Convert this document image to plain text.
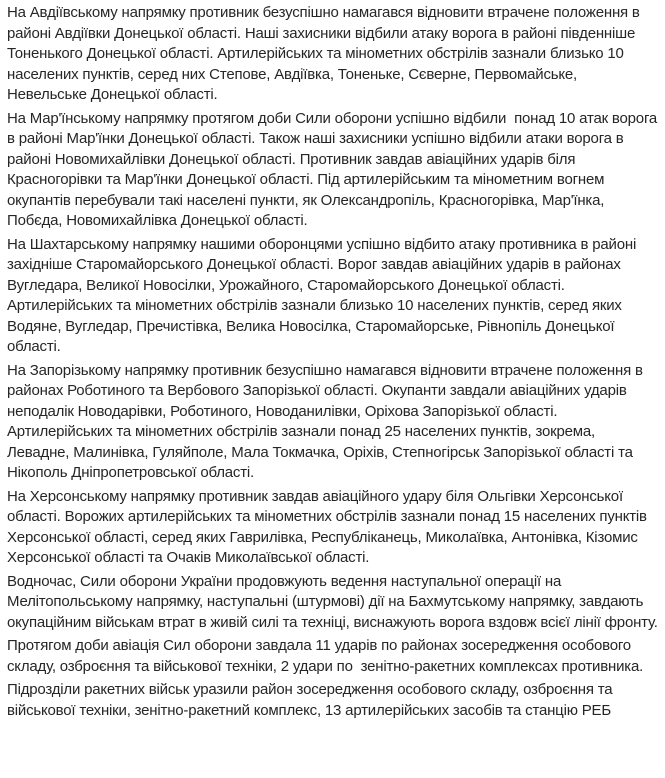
На Авдіївському напрямку противник безуспішно намагався відновити втрачене положення в районі Авдіївки Донецької області. Наші захисники відбили атаку ворога в районі південніше Тоненького Донецької області. Артилерійських та мінометних обстрілів зазнали близько 10 населених пунктів, серед них Степове, Авдіївка, Тоненьке, Сєверне, Первомайське, Невельське Донецької області.

На Мар'їнському напрямку протягом доби Сили оборони успішно відбили  понад 10 атак ворога в районі Мар'їнки Донецької області. Також наші захисники успішно відбили атаки ворога в районі Новомихайлівки Донецької області. Противник завдав авіаційних ударів біля Красногорівки та Мар'їнки Донецької області. Під артилерійським та мінометним вогнем окупантів перебували такі населені пункти, як Олександропіль, Красногорівка, Мар'їнка, Побєда, Новомихайлівка Донецької області.

На Шахтарському напрямку нашими оборонцями успішно відбито атаку противника в районі західніше Старомайорського Донецької області. Ворог завдав авіаційних ударів в районах Вугледара, Великої Новосілки, Урожайного, Старомайорського Донецької області. Артилерійських та мінометних обстрілів зазнали близько 10 населених пунктів, серед яких Водяне, Вугледар, Пречистівка, Велика Новосілка, Старомайорське, Рівнопіль Донецької області.

На Запорізькому напрямку противник безуспішно намагався відновити втрачене положення в районах Роботиного та Вербового Запорізької області. Окупанти завдали авіаційних ударів неподалік Новодарівки, Роботиного, Новоданилівки, Оріхова Запорізької області. Артилерійських та мінометних обстрілів зазнали понад 25 населених пунктів, зокрема, Левадне, Малинівка, Гуляйполе, Мала Токмачка, Оріхів, Степногірськ Запорізької області та Нікополь Дніпропетровської області.

На Херсонському напрямку противник завдав авіаційного удару біля Ольгівки Херсонської області. Ворожих артилерійських та мінометних обстрілів зазнали понад 15 населених пунктів Херсонської області, серед яких Гаврилівка, Республіканець, Миколаївка, Антонівка, Кізомис Херсонської області та Очаків Миколаївської області.

Водночас, Сили оборони України продовжують ведення наступальної операції на Мелітопольському напрямку, наступальні (штурмові) дії на Бахмутському напрямку, завдають окупаційним військам втрат в живій силі та техніці, виснажують ворога вздовж всієї лінії фронту.

Протягом доби авіація Сил оборони завдала 11 ударів по районах зосередження особового складу, озброєння та військової техніки, 2 удари по  зенітно-ракетних комплексах противника.

Підрозділи ракетних військ уразили район зосередження особового складу, озброєння та військової техніки, зенітно-ракетний комплекс, 13 артилерійських засобів та станцію РЕБ
